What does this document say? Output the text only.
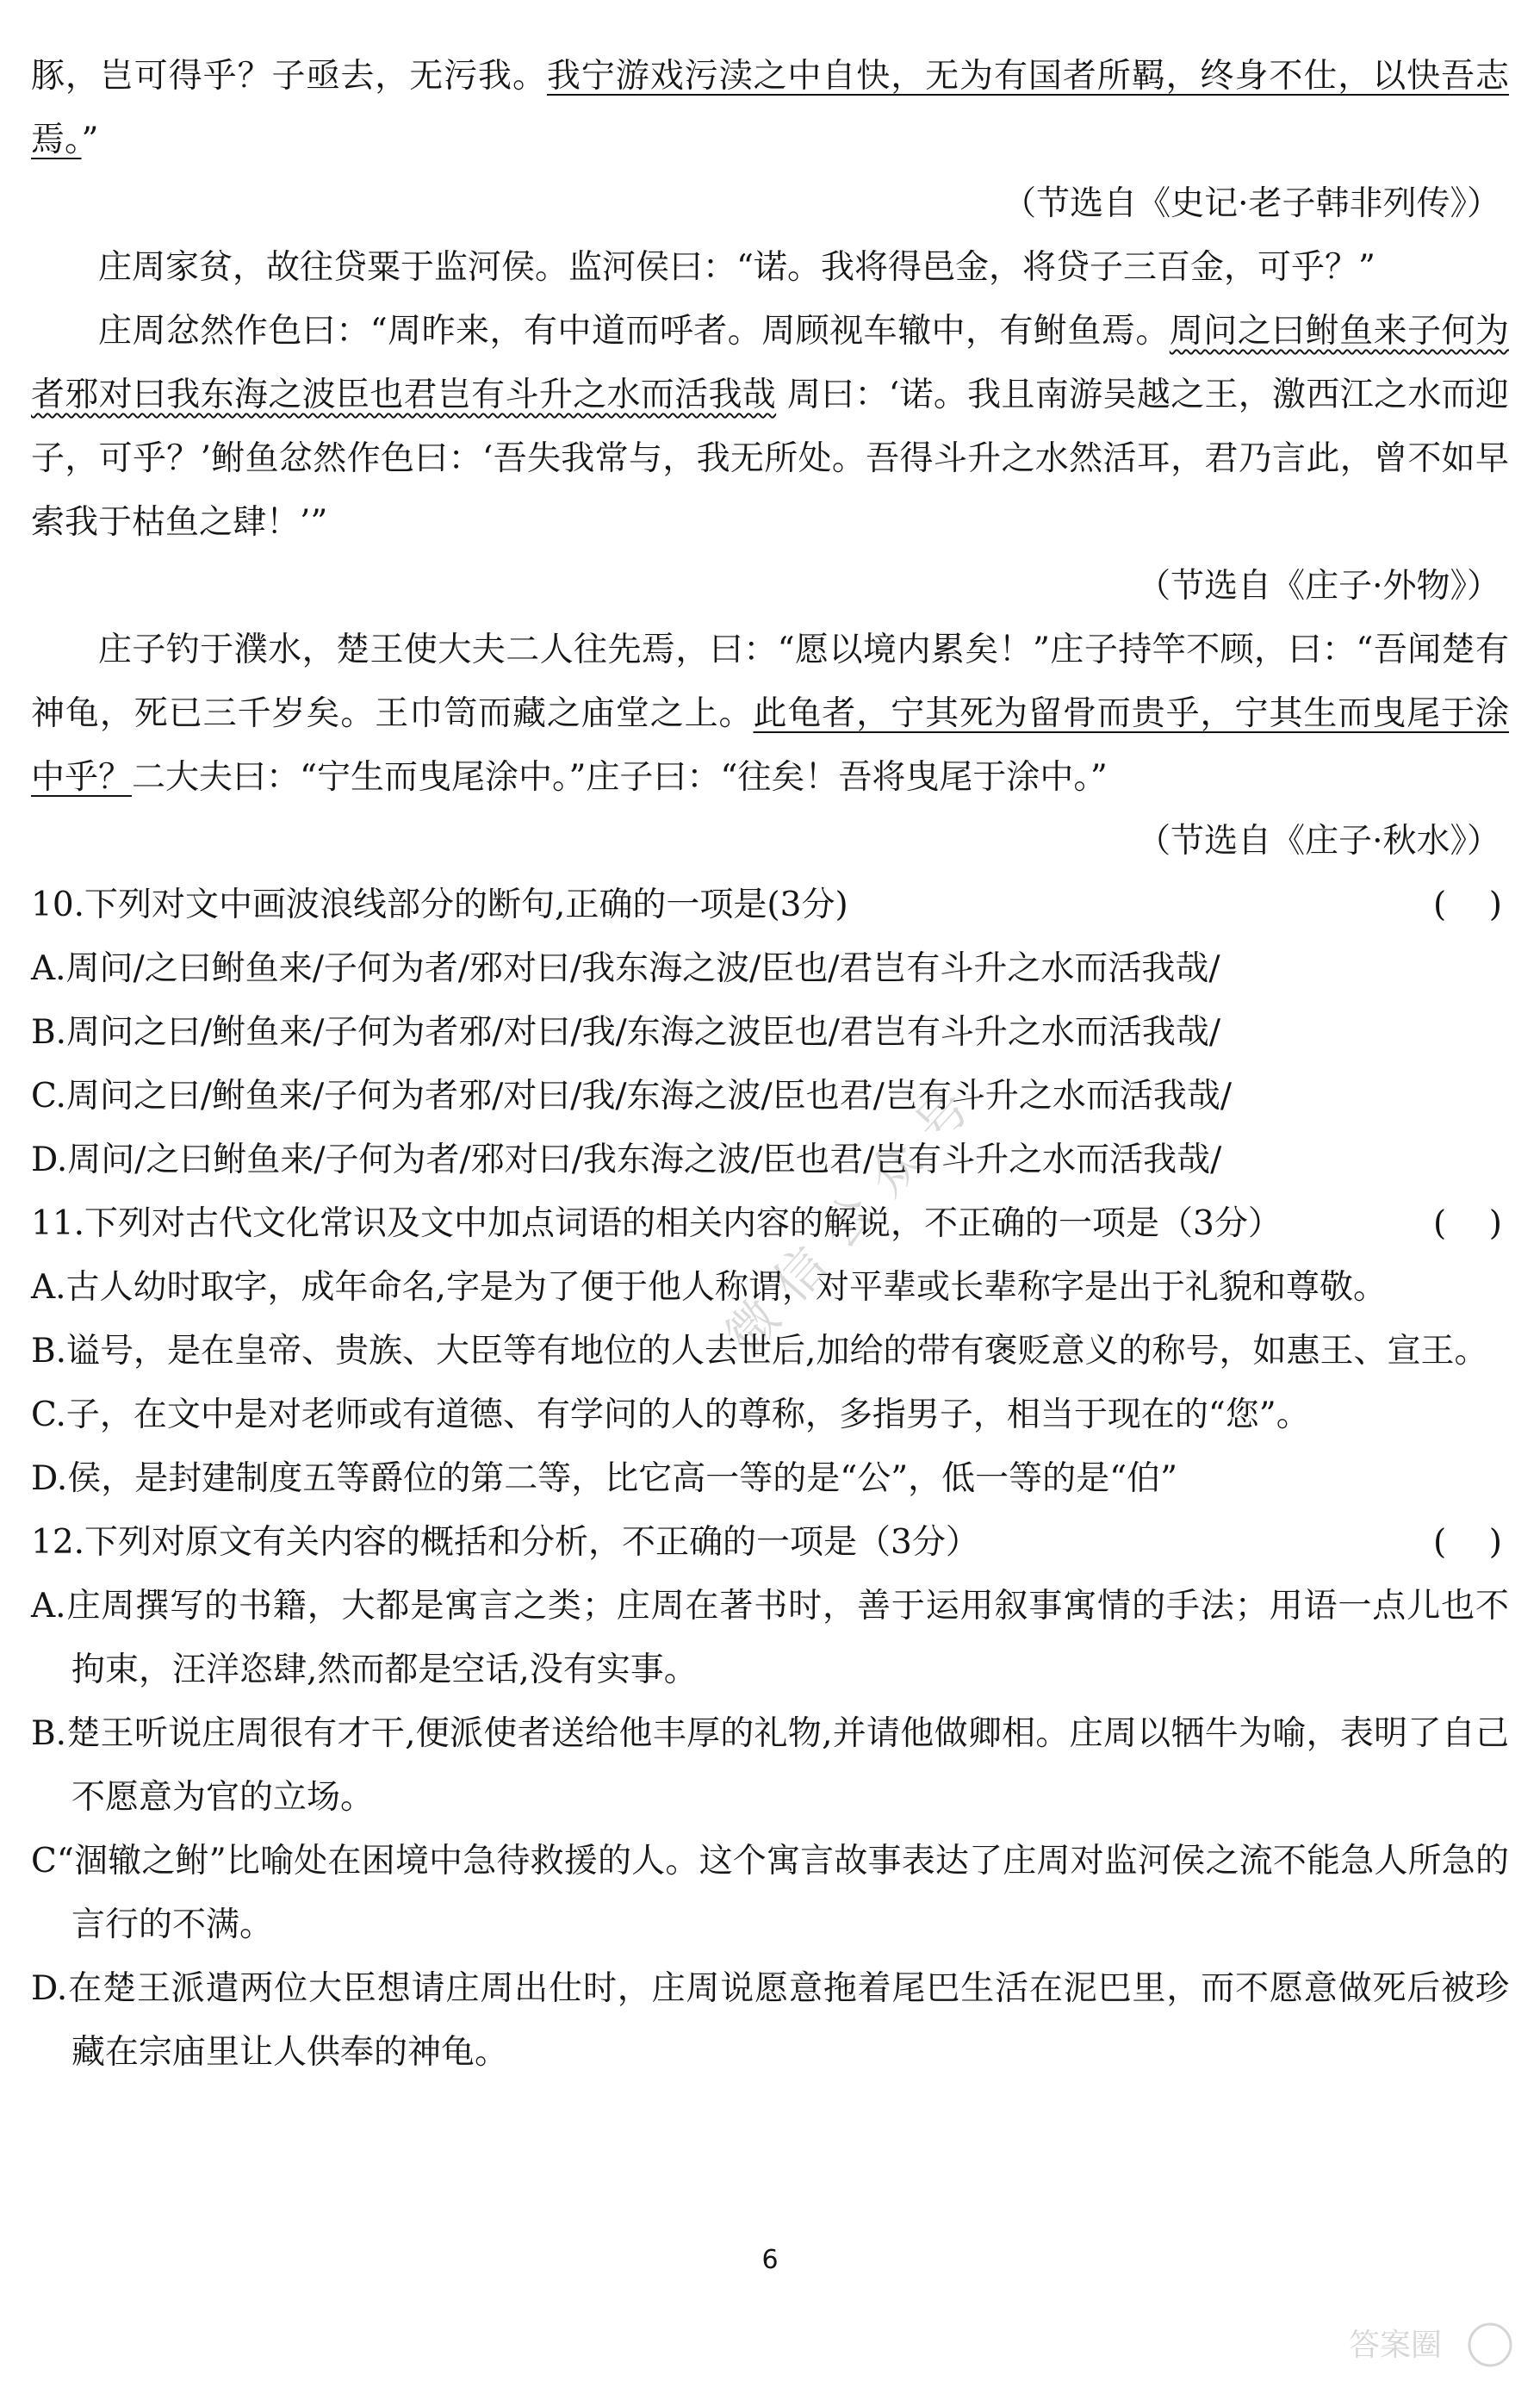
微信公众号

豚，岂可得乎？子亟去，无污我。我宁游戏污渎之中自快，无为有国者所羁，终身不仕，以快吾志焉。”

（节选自《史记·老子韩非列传》）

庄周家贫，故往贷粟于监河侯。监河侯曰：“诺。我将得邑金，将贷子三百金，可乎？”

庄周忿然作色曰：“周昨来，有中道而呼者。周顾视车辙中，有鲋鱼焉。周问之曰鲋鱼来子何为者邪对曰我东海之波臣也君岂有斗升之水而活我哉 周曰：‘诺。我且南游吴越之王，激西江之水而迎子，可乎？’鲋鱼忿然作色曰：‘吾失我常与，我无所处。吾得斗升之水然活耳，君乃言此，曾不如早索我于枯鱼之肆！’”

（节选自《庄子·外物》）

庄子钓于濮水，楚王使大夫二人往先焉，曰：“愿以境内累矣！”庄子持竿不顾，曰：“吾闻楚有神龟，死已三千岁矣。王巾笥而藏之庙堂之上。此龟者，宁其死为留骨而贵乎，宁其生而曳尾于涂中乎？二大夫曰：“宁生而曳尾涂中。”庄子曰：“往矣！吾将曳尾于涂中。”

（节选自《庄子·秋水》）

10.下列对文中画波浪线部分的断句,正确的一项是(3分)	(    )

A.周问/之曰鲋鱼来/子何为者/邪对曰/我东海之波/臣也/君岂有斗升之水而活我哉/

B.周问之曰/鲋鱼来/子何为者邪/对曰/我/东海之波臣也/君岂有斗升之水而活我哉/

C.周问之曰/鲋鱼来/子何为者邪/对曰/我/东海之波/臣也君/岂有斗升之水而活我哉/

D.周问/之曰鲋鱼来/子何为者/邪对曰/我东海之波/臣也君/岂有斗升之水而活我哉/

11.下列对古代文化常识及文中加点词语的相关内容的解说，不正确的一项是（3分）	(    )

A.古人幼时取字，成年命名,字是为了便于他人称谓，对平辈或长辈称字是出于礼貌和尊敬。

B.谥号，是在皇帝、贵族、大臣等有地位的人去世后,加给的带有褒贬意义的称号，如惠王、宣王。

C.子，在文中是对老师或有道德、有学问的人的尊称，多指男子，相当于现在的“您”。

D.侯，是封建制度五等爵位的第二等，比它高一等的是“公”，低一等的是“伯”

12.下列对原文有关内容的概括和分析，不正确的一项是（3分）	(    )

A.庄周撰写的书籍，大都是寓言之类；庄周在著书时，善于运用叙事寓情的手法；用语一点儿也不拘束，汪洋恣肆,然而都是空话,没有实事。

B.楚王听说庄周很有才干,便派使者送给他丰厚的礼物,并请他做卿相。庄周以牺牛为喻，表明了自己不愿意为官的立场。

C“涸辙之鲋”比喻处在困境中急待救援的人。这个寓言故事表达了庄周对监河侯之流不能急人所急的言行的不满。

D.在楚王派遣两位大臣想请庄周出仕时，庄周说愿意拖着尾巴生活在泥巴里，而不愿意做死后被珍藏在宗庙里让人供奉的神龟。

6
答案圈
